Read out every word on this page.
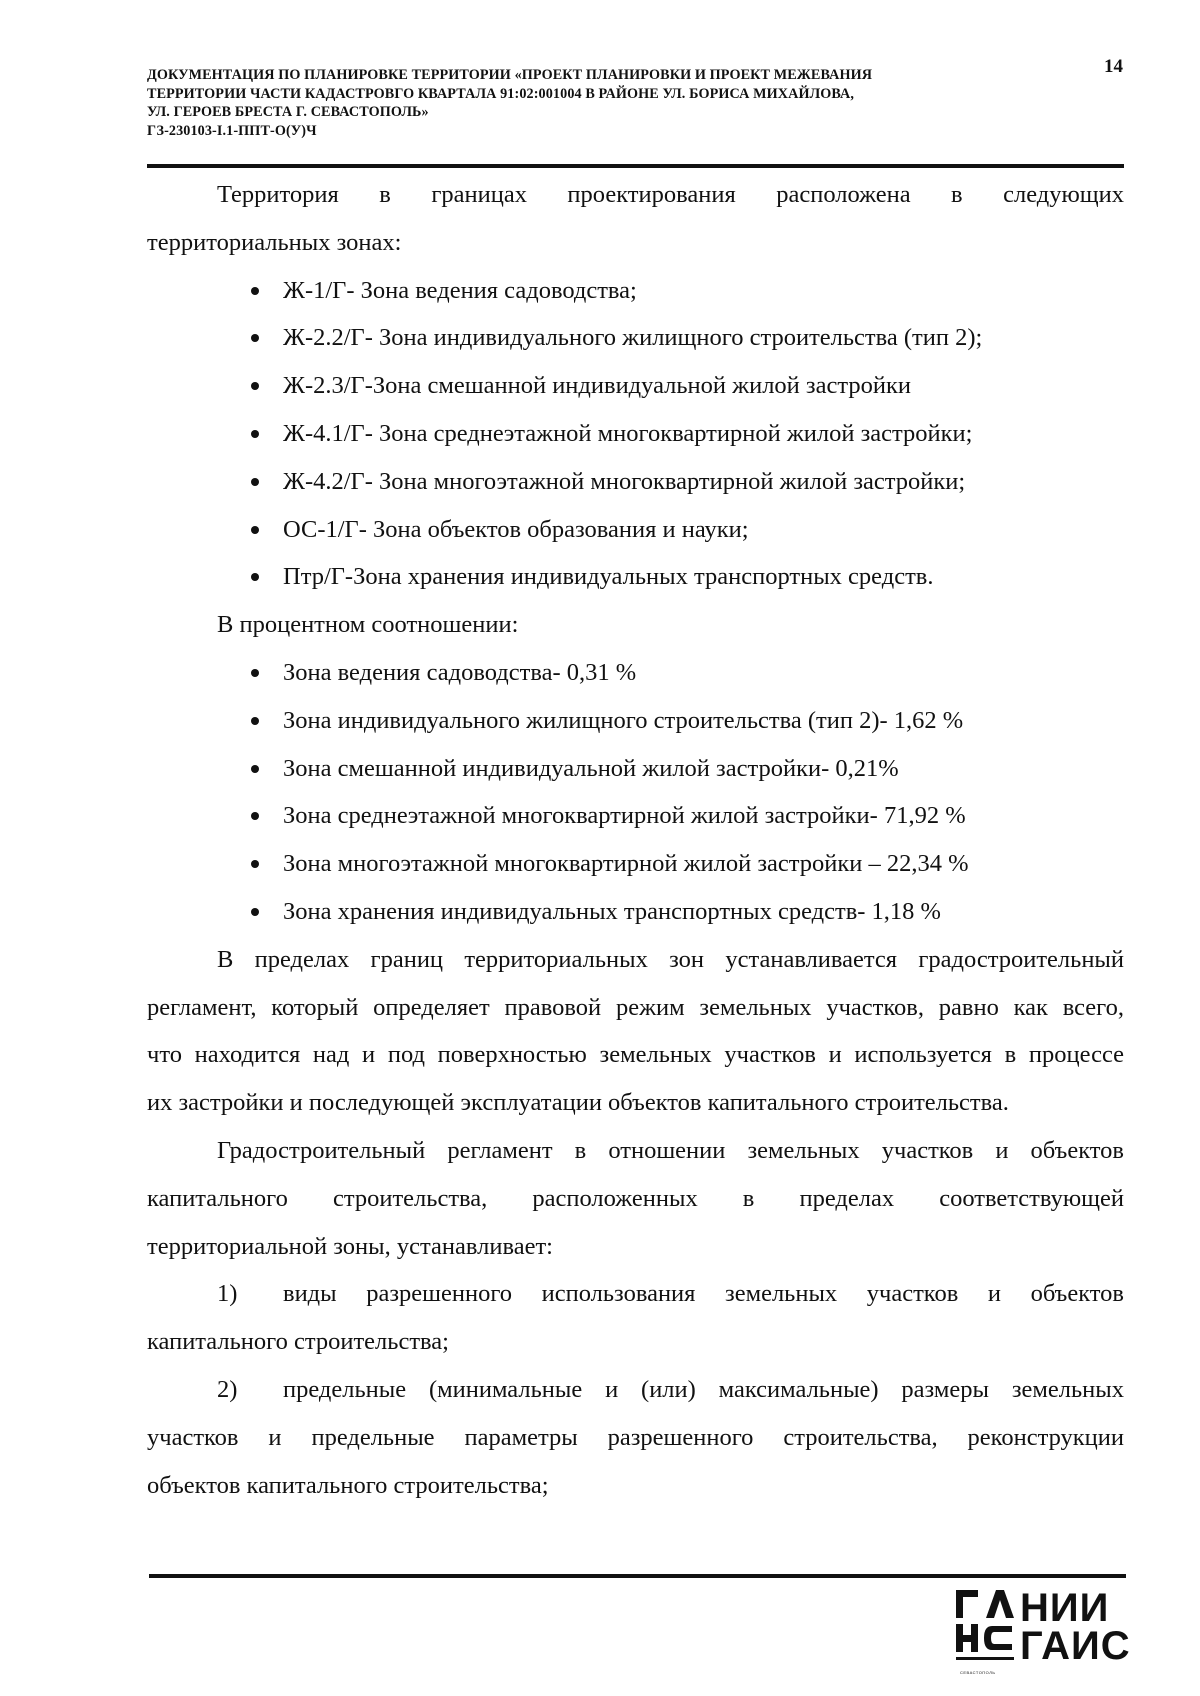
ДОКУМЕНТАЦИЯ ПО ПЛАНИРОВКЕ ТЕРРИТОРИИ «ПРОЕКТ ПЛАНИРОВКИ И ПРОЕКТ МЕЖЕВАНИЯ
ТЕРРИТОРИИ ЧАСТИ КАДАСТРОВГО КВАРТАЛА 91:02:001004 В РАЙОНЕ УЛ. БОРИСА МИХАЙЛОВА,
УЛ. ГЕРОЕВ БРЕСТА Г. СЕВАСТОПОЛЬ»
ГЗ-230103-I.1-ППТ-О(У)Ч
14
Территория в границах проектирования расположена в следующих
территориальных зонах:
Ж-1/Г- Зона ведения садоводства;
Ж-2.2/Г- Зона индивидуального жилищного строительства (тип 2);
Ж-2.3/Г-Зона смешанной индивидуальной жилой застройки
Ж-4.1/Г- Зона среднеэтажной многоквартирной жилой застройки;
Ж-4.2/Г- Зона многоэтажной многоквартирной жилой застройки;
ОС-1/Г- Зона объектов образования и науки;
Птр/Г-Зона хранения индивидуальных транспортных средств.
В процентном соотношении:
Зона ведения садоводства- 0,31 %
Зона индивидуального жилищного строительства (тип 2)- 1,62 %
Зона смешанной индивидуальной жилой застройки- 0,21%
Зона среднеэтажной многоквартирной жилой застройки- 71,92 %
Зона многоэтажной многоквартирной жилой застройки – 22,34 %
Зона хранения индивидуальных транспортных средств- 1,18 %
В пределах границ территориальных зон устанавливается градостроительный
регламент, который определяет правовой режим земельных участков, равно как всего,
что находится над и под поверхностью земельных участков и используется в процессе
их застройки и последующей эксплуатации объектов капитального строительства.
Градостроительный регламент в отношении земельных участков и объектов
капитального строительства, расположенных в пределах соответствующей
территориальной зоны, устанавливает:
1)	виды разрешенного использования земельных участков и объектов
капитального строительства;
2)	предельные (минимальные и (или) максимальные) размеры земельных
участков и предельные параметры разрешенного строительства, реконструкции
объектов капитального строительства;
НИИ
ГАИС
СЕВАСТОПОЛЬ
